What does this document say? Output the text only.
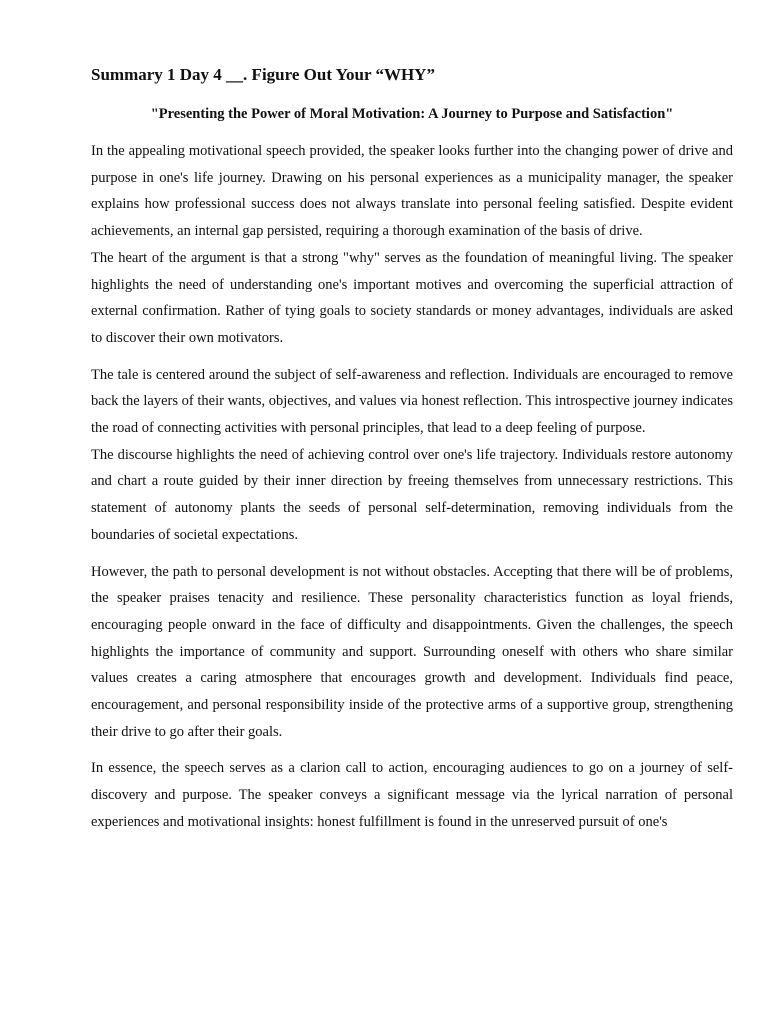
Summary 1 Day 4 __. Figure Out Your “WHY”
"Presenting the Power of Moral Motivation: A Journey to Purpose and Satisfaction"

In the appealing motivational speech provided, the speaker looks further into the changing power of drive and purpose in one's life journey. Drawing on his personal experiences as a municipality manager, the speaker explains how professional success does not always translate into personal feeling satisfied. Despite evident achievements, an internal gap persisted, requiring a thorough examination of the basis of drive.

The heart of the argument is that a strong "why" serves as the foundation of meaningful living. The speaker highlights the need of understanding one's important motives and overcoming the superficial attraction of external confirmation. Rather of tying goals to society standards or money advantages, individuals are asked to discover their own motivators.

The tale is centered around the subject of self-awareness and reflection. Individuals are encouraged to remove back the layers of their wants, objectives, and values via honest reflection. This introspective journey indicates the road of connecting activities with personal principles, that lead to a deep feeling of purpose.

The discourse highlights the need of achieving control over one's life trajectory. Individuals restore autonomy and chart a route guided by their inner direction by freeing themselves from unnecessary restrictions. This statement of autonomy plants the seeds of personal self-determination, removing individuals from the boundaries of societal expectations.

However, the path to personal development is not without obstacles. Accepting that there will be of problems, the speaker praises tenacity and resilience. These personality characteristics function as loyal friends, encouraging people onward in the face of difficulty and disappointments. Given the challenges, the speech highlights the importance of community and support. Surrounding oneself with others who share similar values creates a caring atmosphere that encourages growth and development. Individuals find peace, encouragement, and personal responsibility inside of the protective arms of a supportive group, strengthening their drive to go after their goals.

In essence, the speech serves as a clarion call to action, encouraging audiences to go on a journey of self-discovery and purpose. The speaker conveys a significant message via the lyrical narration of personal experiences and motivational insights: honest fulfillment is found in the unreserved pursuit of one's
